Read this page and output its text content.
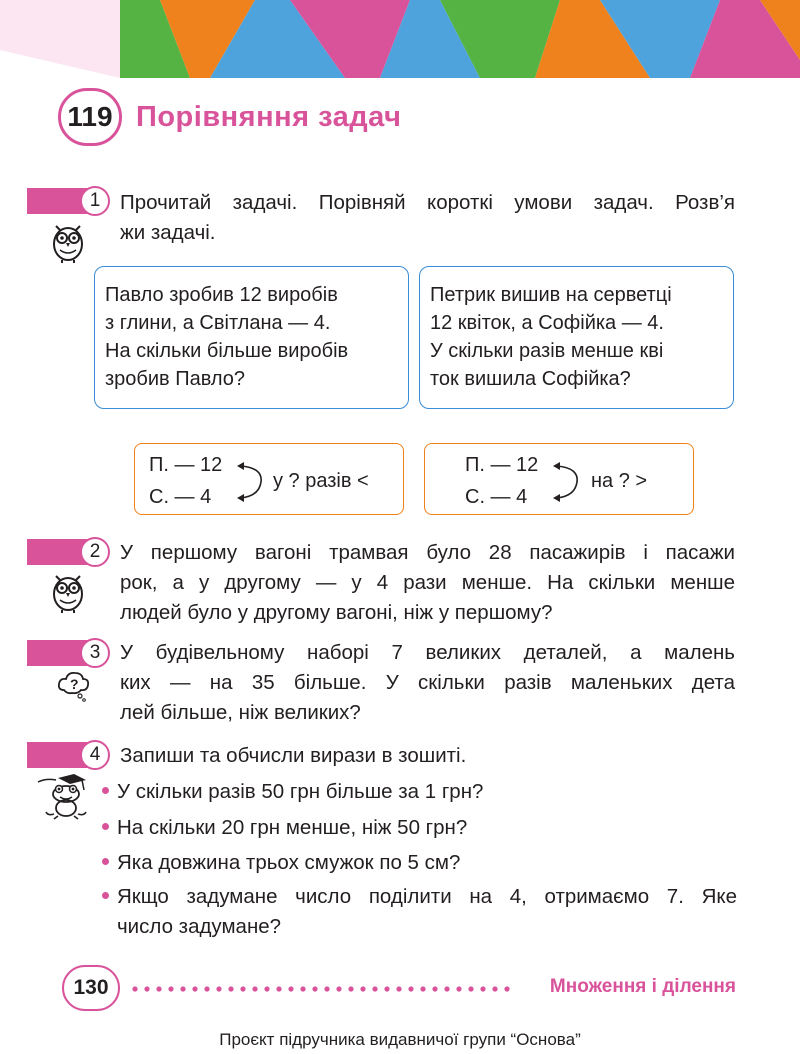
119 Порівняння задач
1 Прочитай задачі. Порівняй короткі умови задач. Розв’я
жи задачі.
Павло зробив 12 виробів
з глини, а Світлана — 4.
На скільки більше виробів
зробив Павло?
Петрик вишив на серветці
12 квіток, а Софійка — 4.
У скільки разів менше кві
ток вишила Софійка?
П. — 12
С. — 4
у ? разів <
П. — 12
С. — 4
на ? >
2 У першому вагоні трамвая було 28 пасажирів і пасажи
рок, а у другому — у 4 рази менше. На скільки менше
людей було у другому вагоні, ніж у першому?
3
?
У будівельному наборі 7 великих деталей, а малень
ких — на 35 більше. У скільки разів маленьких дета
лей більше, ніж великих?
4 Запиши та обчисли вирази в зошиті.
У скільки разів 50 грн більше за 1 грн?
На скільки 20 грн менше, ніж 50 грн?
Яка довжина трьох смужок по 5 см?
Якщо задумане число поділити на 4, отримаємо 7. Яке
число задумане?
130	Множення і ділення
Проєкт підручника видавничої групи “Основа”
